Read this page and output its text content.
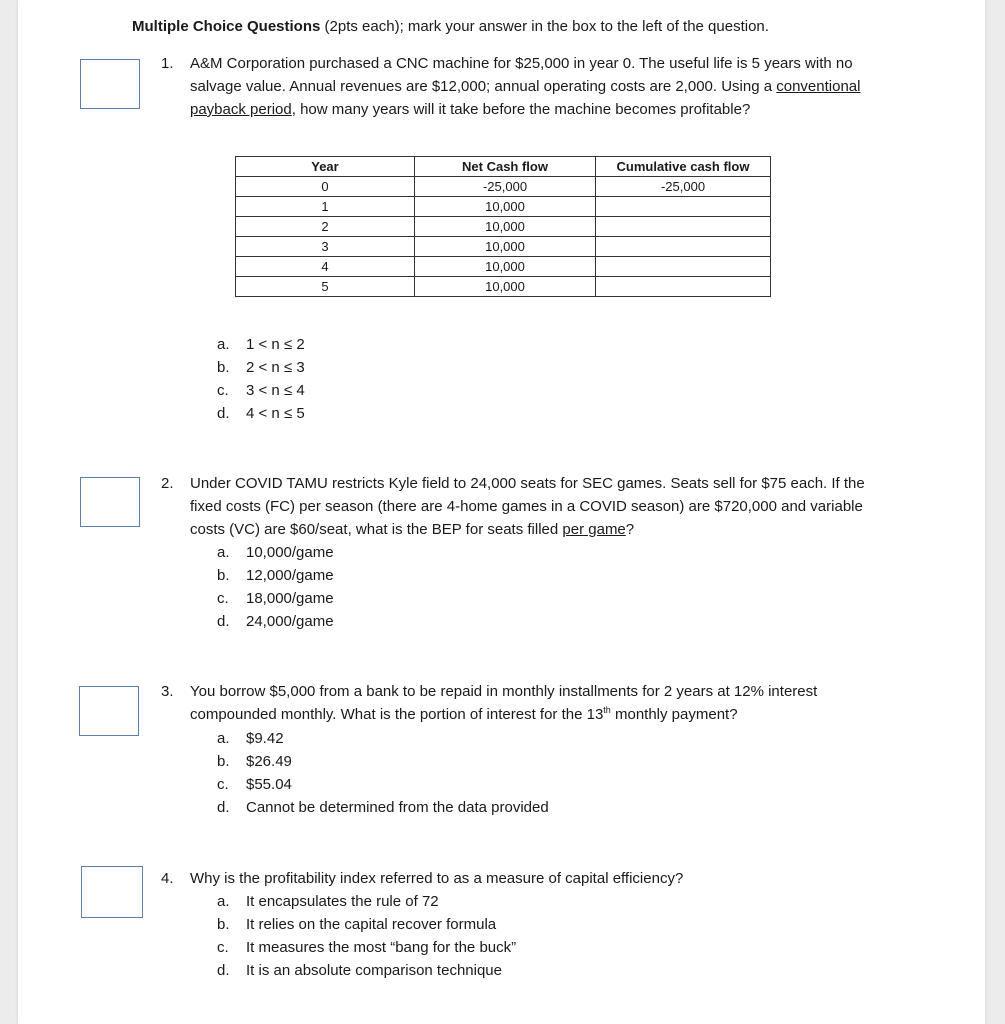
Multiple Choice Questions (2pts each); mark your answer in the box to the left of the question.
1. A&M Corporation purchased a CNC machine for $25,000 in year 0. The useful life is 5 years with no salvage value. Annual revenues are $12,000; annual operating costs are 2,000. Using a conventional payback period, how many years will it take before the machine becomes profitable?
Year	Net Cash flow	Cumulative cash flow
0	-25,000	-25,000
1	10,000	
2	10,000	
3	10,000	
4	10,000	
5	10,000	
a. 1 < n ≤ 2
b. 2 < n ≤ 3
c. 3 < n ≤ 4
d. 4 < n ≤ 5
2. Under COVID TAMU restricts Kyle field to 24,000 seats for SEC games. Seats sell for $75 each. If the fixed costs (FC) per season (there are 4-home games in a COVID season) are $720,000 and variable costs (VC) are $60/seat, what is the BEP for seats filled per game?
a. 10,000/game
b. 12,000/game
c. 18,000/game
d. 24,000/game
3. You borrow $5,000 from a bank to be repaid in monthly installments for 2 years at 12% interest compounded monthly. What is the portion of interest for the 13th monthly payment?
a. $9.42
b. $26.49
c. $55.04
d. Cannot be determined from the data provided
4. Why is the profitability index referred to as a measure of capital efficiency?
a. It encapsulates the rule of 72
b. It relies on the capital recover formula
c. It measures the most “bang for the buck”
d. It is an absolute comparison technique
